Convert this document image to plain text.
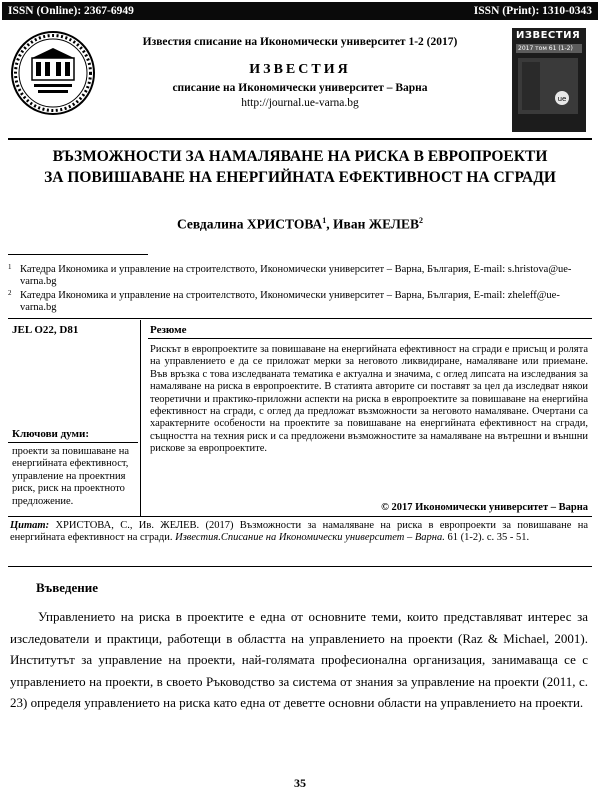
ISSN (Online): 2367-6949	ISSN (Print): 1310-0343
Известия списание на Икономически университет 1-2 (2017)
ИЗВЕСТИЯ
списание на Икономически университет – Варна
http://journal.ue-varna.bg
ИЗВЕСТИЯ
2017 том 61 (1-2)
ue
ВЪЗМОЖНОСТИ ЗА НАМАЛЯВАНЕ НА РИСКА В ЕВРОПРОЕКТИ
ЗА ПОВИШАВАНЕ НА ЕНЕРГИЙНАТА ЕФЕКТИВНОСТ НА СГРАДИ
Севдалина ХРИСТОВА$^1$, Иван ЖЕЛЕВ$^2$
1 Катедра Икономика и управление на строителството, Икономически университет – Варна, България, E-mail: s.hristova@ue-varna.bg
2 Катедра Икономика и управление на строителството, Икономически университет – Варна, България, E-mail: zheleff@ue-varna.bg
JEL O22, D81	Резюме
Рискът в европроектите за повишаване на енергийната ефективност на сгради е присъщ и ролята на управлението е да се приложат мерки за неговото ликвидиране, намаляване или приемане. Във връзка с това изследваната тематика е актуална и значима, с оглед липсата на изследвания за намаляване на риска в европроектите. В статията авторите си поставят за цел да изследват някои теоретични и практико-приложни аспекти на риска в европроектите за повишаване на енергийна ефективност на сгради, с оглед да предложат възможности за неговото намаляване. Очертани са характерните особености на проектите за повишаване на енергийната ефективност на сгради, същността на техния риск и са предложени възможностите за намаляване на вътрешни и външни рискове за европроектите.
Ключови думи:
проекти за повишаване на енергийната ефективност, управление на проектния риск, риск на проектното предложение.
© 2017 Икономически университет – Варна
Цитат: ХРИСТОВА, С., Ив. ЖЕЛЕВ. (2017) Възможности за намаляване на риска в европроекти за повишаване на енергийната ефективност на сгради. Известия.Списание на Икономически университет – Варна. 61 (1-2). с. 35 - 51.
Въведение
Управлението на риска в проектите е една от основните теми, които представляват интерес за изследователи и практици, работещи в областта на управлението на проекти (Raz & Michael, 2001). Институтът за управление на проекти, най-голямата професионална организация, занимаваща се с управлението на проекти, в своето Ръководство за система от знания за управление на проекти (2011, с. 23) определя управлението на риска като една от деветте основни области на управлението на проекти.
35
